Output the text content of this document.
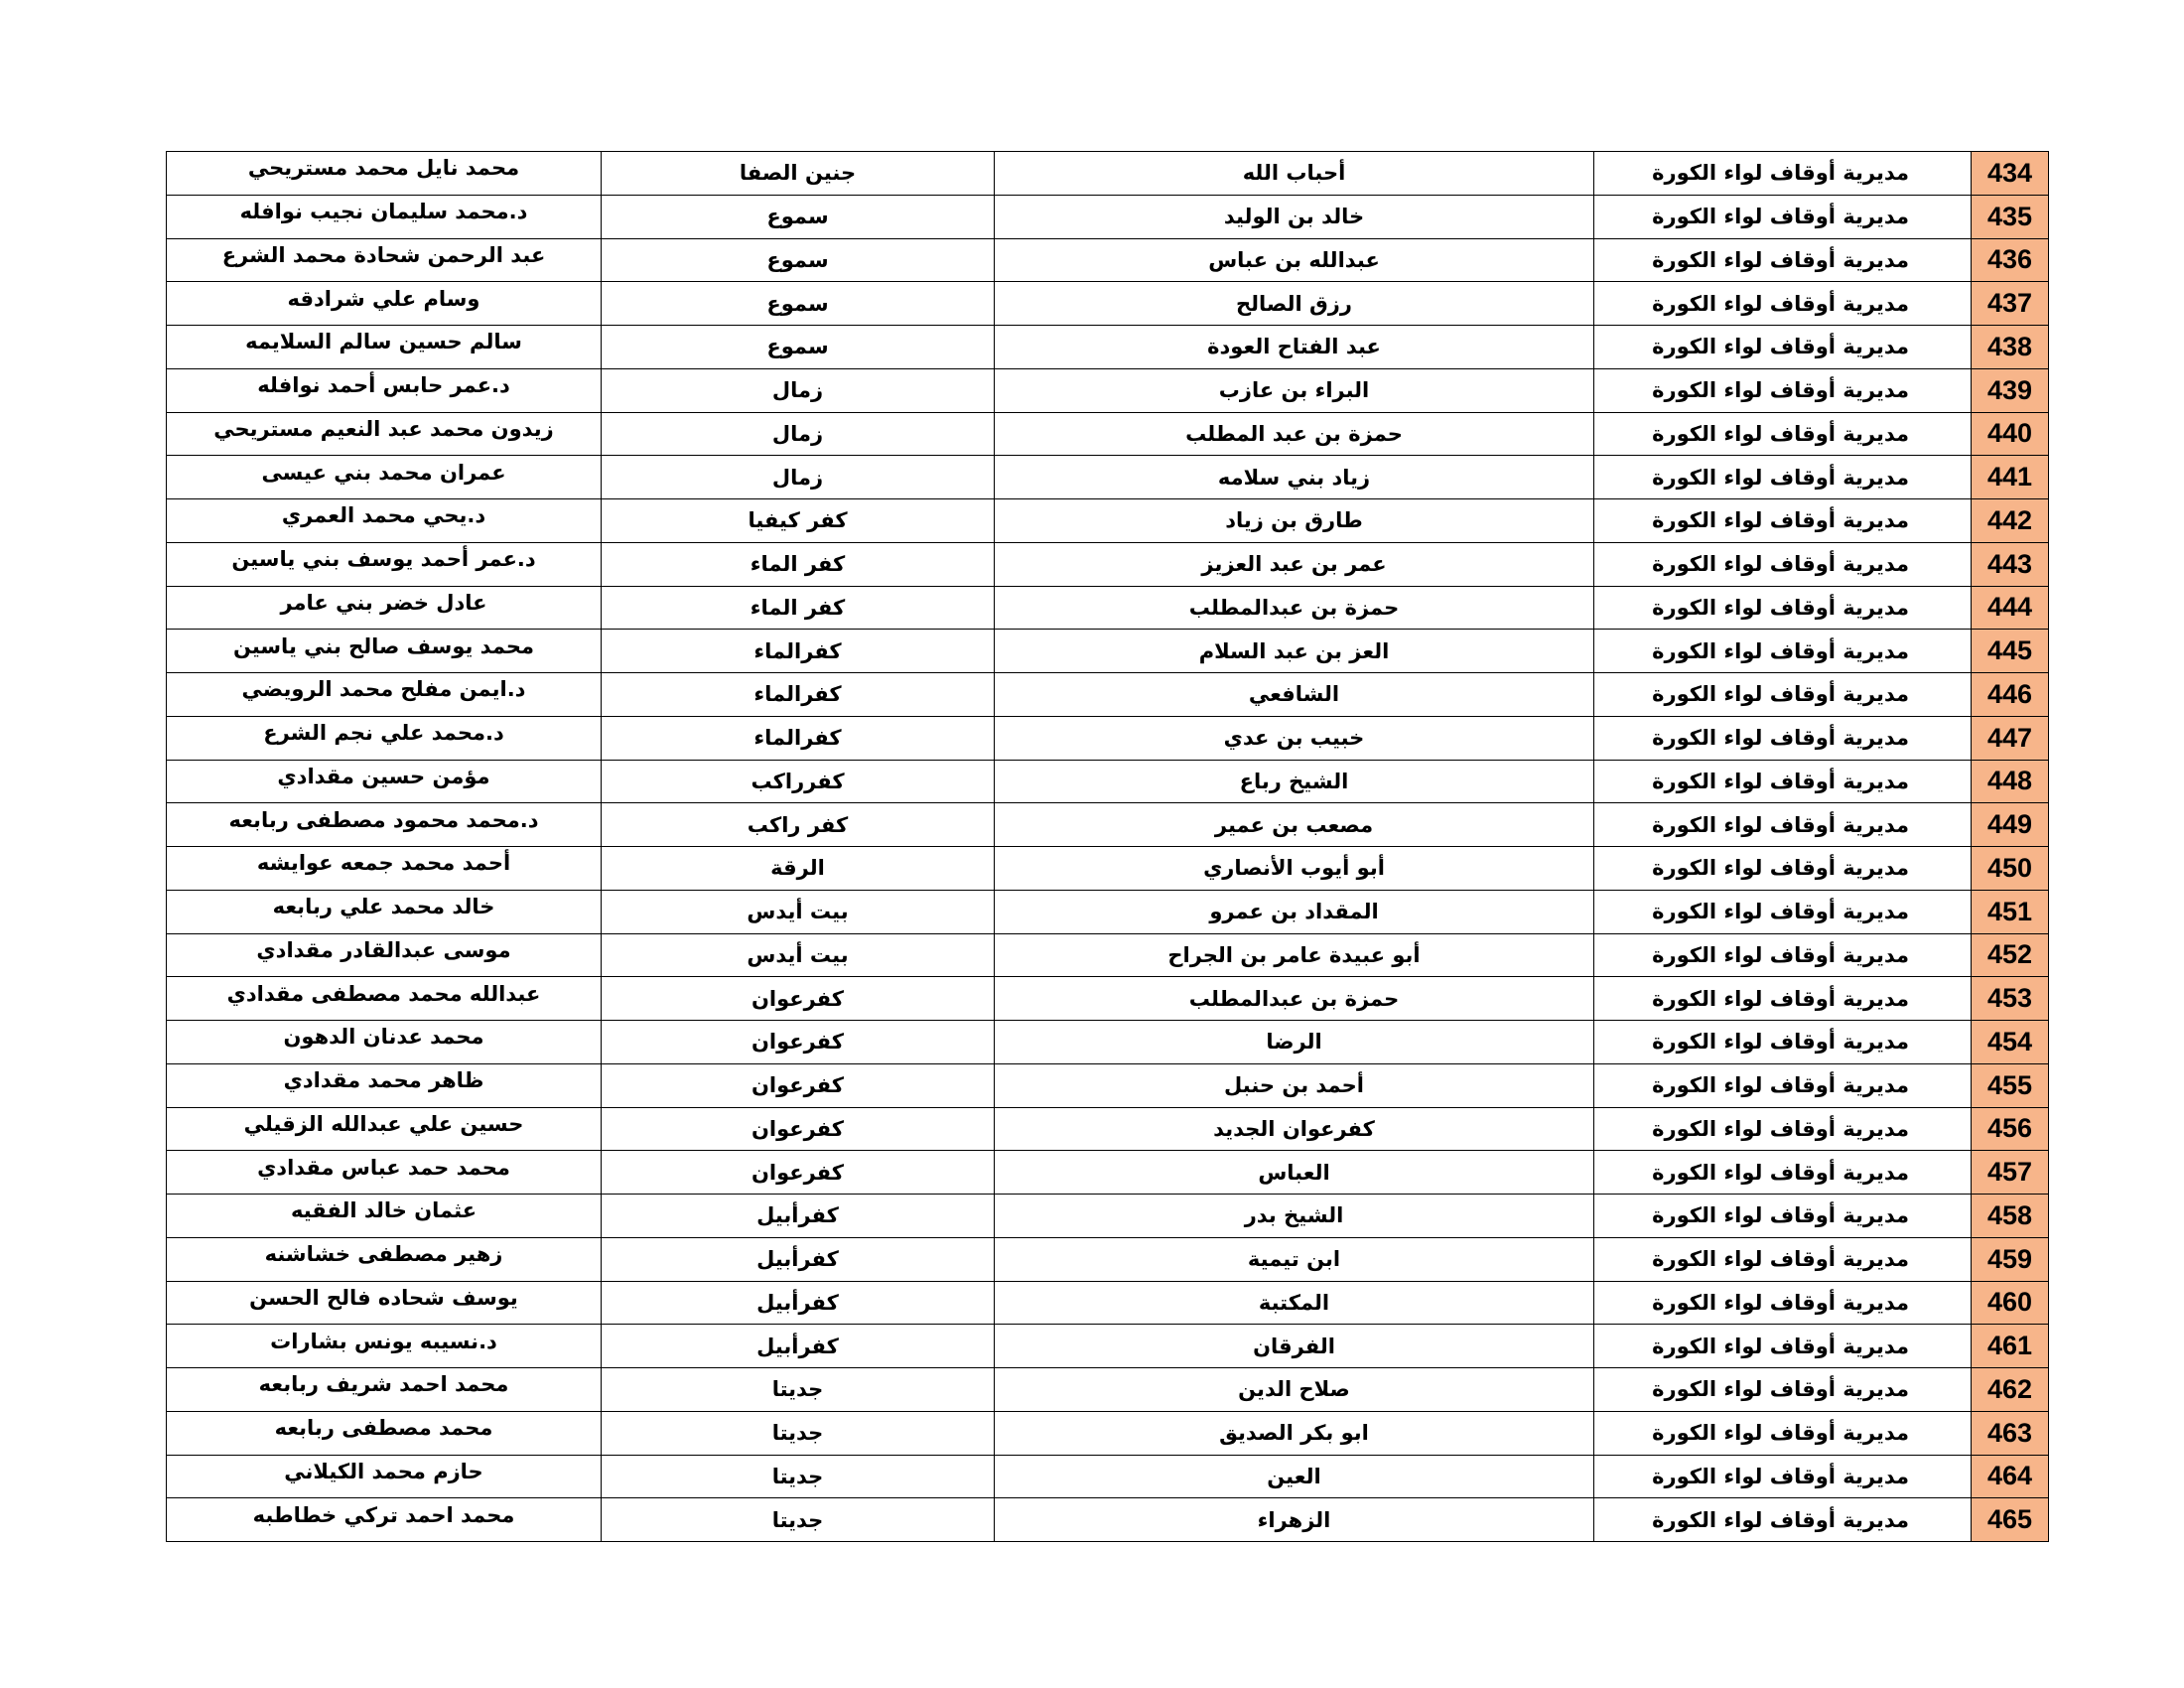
434	مديرية أوقاف لواء الكورة	أحباب الله	جنين الصفا	محمد نايل محمد مستريحي
435	مديرية أوقاف لواء الكورة	خالد بن الوليد	سموع	د.محمد سليمان نجيب نوافله
436	مديرية أوقاف لواء الكورة	عبدالله بن عباس	سموع	عبد الرحمن شحادة محمد الشرع
437	مديرية أوقاف لواء الكورة	رزق الصالح	سموع	وسام علي شرادقه
438	مديرية أوقاف لواء الكورة	عبد الفتاح العودة	سموع	سالم حسين سالم السلايمه
439	مديرية أوقاف لواء الكورة	البراء بن عازب	زمال	د.عمر حابس أحمد نوافله
440	مديرية أوقاف لواء الكورة	حمزة بن عبد المطلب	زمال	زيدون محمد عبد النعيم مستريحي
441	مديرية أوقاف لواء الكورة	زياد بني سلامه	زمال	عمران محمد بني عيسى
442	مديرية أوقاف لواء الكورة	طارق بن زياد	كفر كيفيا	د.يحي محمد العمري
443	مديرية أوقاف لواء الكورة	عمر بن عبد العزيز	كفر الماء	د.عمر أحمد يوسف بني ياسين
444	مديرية أوقاف لواء الكورة	حمزة بن عبدالمطلب	كفر الماء	عادل خضر بني عامر
445	مديرية أوقاف لواء الكورة	العز بن عبد السلام	كفرالماء	محمد يوسف صالح بني ياسين
446	مديرية أوقاف لواء الكورة	الشافعي	كفرالماء	د.ايمن مفلح محمد الرويضي
447	مديرية أوقاف لواء الكورة	خبيب بن عدي	كفرالماء	د.محمد علي نجم الشرع
448	مديرية أوقاف لواء الكورة	الشيخ رباع	كفرراكب	مؤمن حسين مقدادي
449	مديرية أوقاف لواء الكورة	مصعب بن عمير	كفر راكب	د.محمد محمود مصطفى ربابعه
450	مديرية أوقاف لواء الكورة	أبو أيوب الأنصاري	الرقة	أحمد محمد جمعه عوايشه
451	مديرية أوقاف لواء الكورة	المقداد بن عمرو	بيت أيدس	خالد محمد علي ربابعه
452	مديرية أوقاف لواء الكورة	أبو عبيدة عامر بن الجراح	بيت أيدس	موسى عبدالقادر مقدادي
453	مديرية أوقاف لواء الكورة	حمزة بن عبدالمطلب	كفرعوان	عبدالله محمد مصطفى مقدادي
454	مديرية أوقاف لواء الكورة	الرضا	كفرعوان	محمد عدنان الدهون
455	مديرية أوقاف لواء الكورة	أحمد بن حنبل	كفرعوان	ظاهر محمد مقدادي
456	مديرية أوقاف لواء الكورة	كفرعوان الجديد	كفرعوان	حسين علي عبدالله الزقيلي
457	مديرية أوقاف لواء الكورة	العباس	كفرعوان	محمد حمد عباس مقدادي
458	مديرية أوقاف لواء الكورة	الشيخ بدر	كفرأبيل	عثمان خالد الفقيه
459	مديرية أوقاف لواء الكورة	ابن تيمية	كفرأبيل	زهير مصطفى خشاشنه
460	مديرية أوقاف لواء الكورة	المكتبة	كفرأبيل	يوسف شحاده فالح الحسن
461	مديرية أوقاف لواء الكورة	الفرقان	كفرأبيل	د.نسيبه يونس بشارات
462	مديرية أوقاف لواء الكورة	صلاح الدين	جديتا	محمد احمد شريف ربابعه
463	مديرية أوقاف لواء الكورة	ابو بكر الصديق	جديتا	محمد مصطفى ربابعه
464	مديرية أوقاف لواء الكورة	العين	جديتا	حازم محمد الكيلاني
465	مديرية أوقاف لواء الكورة	الزهراء	جديتا	محمد احمد تركي خطاطبه
